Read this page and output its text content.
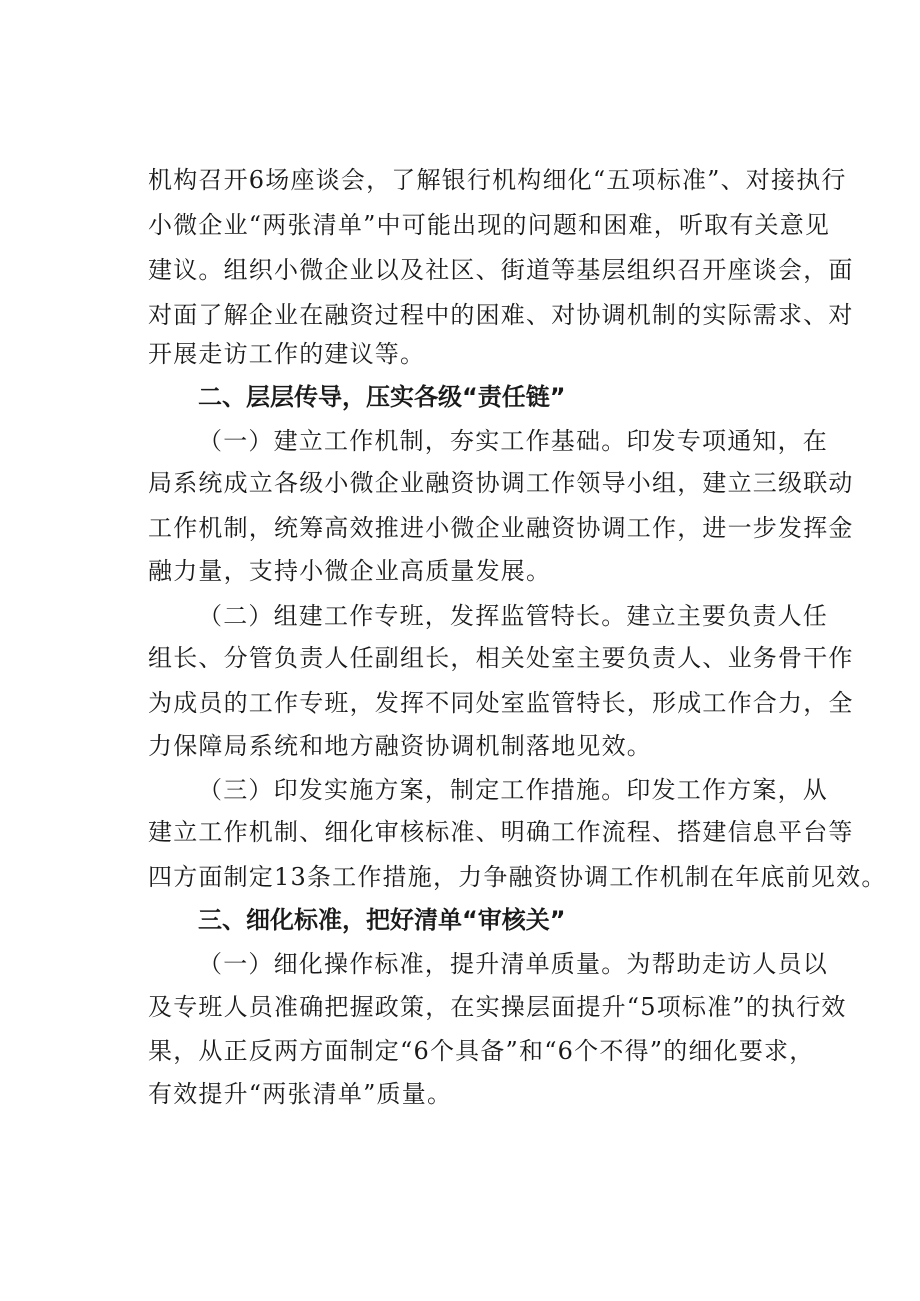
机构召开6场座谈会，了解银行机构细化“五项标准”、对接执行
小微企业“两张清单”中可能出现的问题和困难，听取有关意见
建议。组织小微企业以及社区、街道等基层组织召开座谈会，面
对面了解企业在融资过程中的困难、对协调机制的实际需求、对
开展走访工作的建议等。
二、层层传导，压实各级“责任链”
（一）建立工作机制，夯实工作基础。印发专项通知，在
局系统成立各级小微企业融资协调工作领导小组，建立三级联动
工作机制，统筹高效推进小微企业融资协调工作，进一步发挥金
融力量，支持小微企业高质量发展。
（二）组建工作专班，发挥监管特长。建立主要负责人任
组长、分管负责人任副组长，相关处室主要负责人、业务骨干作
为成员的工作专班，发挥不同处室监管特长，形成工作合力，全
力保障局系统和地方融资协调机制落地见效。
（三）印发实施方案，制定工作措施。印发工作方案，从
建立工作机制、细化审核标准、明确工作流程、搭建信息平台等
四方面制定13条工作措施，力争融资协调工作机制在年底前见效。
三、细化标准，把好清单“审核关”
（一）细化操作标准，提升清单质量。为帮助走访人员以
及专班人员准确把握政策，在实操层面提升“5项标准”的执行效
果，从正反两方面制定“6个具备”和“6个不得”的细化要求，
有效提升“两张清单”质量。
